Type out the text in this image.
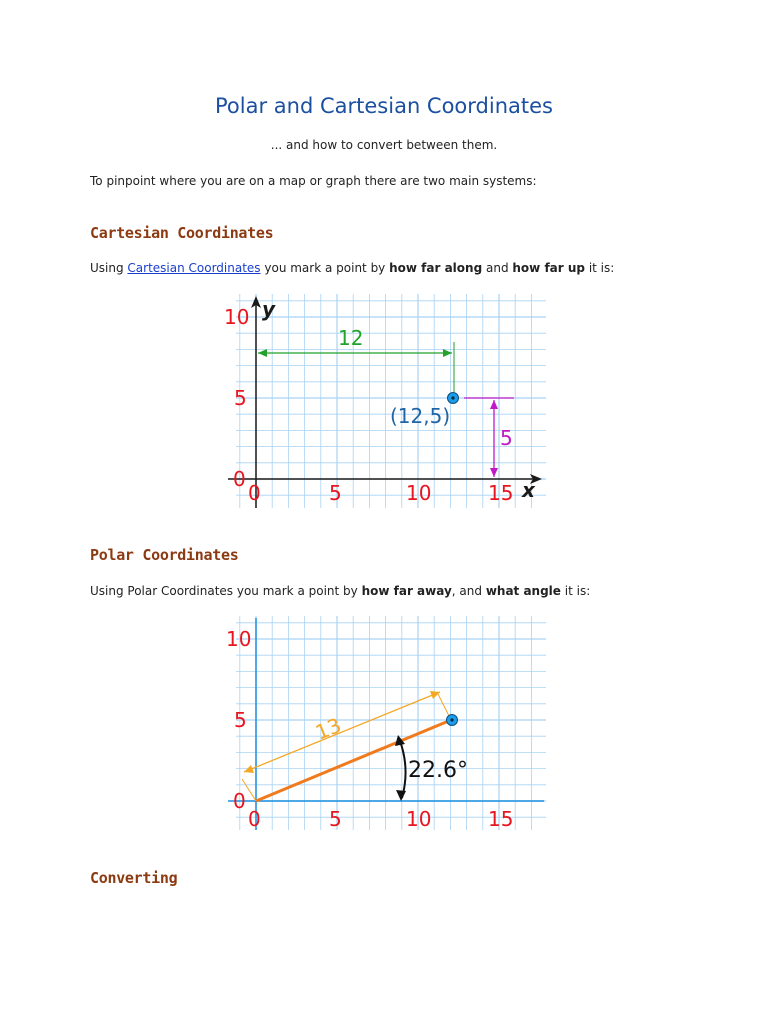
Polar and Cartesian Coordinates
... and how to convert between them.
To pinpoint where you are on a map or graph there are two main systems:
Cartesian Coordinates
Using Cartesian Coordinates you mark a point by how far along and how far up it is:
10
5
0
0	5	10	15 x
y
12
5
(12,5)
Polar Coordinates
Using Polar Coordinates you mark a point by how far away, and what angle it is:
10
5
0
0	5	10	15
13
22.6°
Converting
